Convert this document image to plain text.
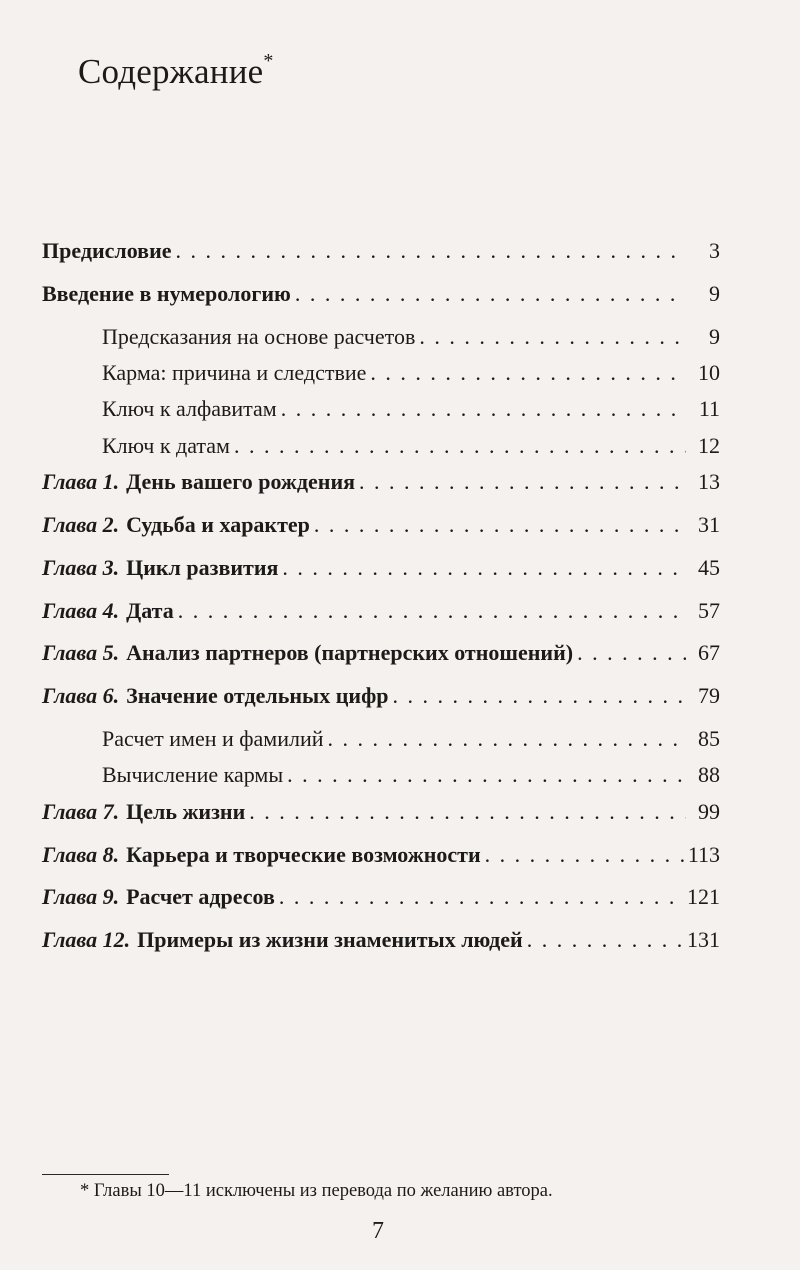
Содержание*
Предисловие . . .	3
Введение в нумерологию . . .	9
Предсказания на основе расчетов . . .	9
Карма: причина и следствие . . .	10
Ключ к алфавитам . . .	11
Ключ к датам . . .	12
Глава 1. День вашего рождения . . .	13
Глава 2. Судьба и характер . . .	31
Глава 3. Цикл развития . . .	45
Глава 4. Дата . . .	57
Глава 5. Анализ партнеров (партнерских отношений) . . .	67
Глава 6. Значение отдельных цифр . . .	79
Расчет имен и фамилий . . .	85
Вычисление кармы . . .	88
Глава 7. Цель жизни . . .	99
Глава 8. Карьера и творческие возможности . . .	113
Глава 9. Расчет адресов . . .	121
Глава 12. Примеры из жизни знаменитых людей . . .	131
* Главы 10—11 исключены из перевода по желанию автора.
7
